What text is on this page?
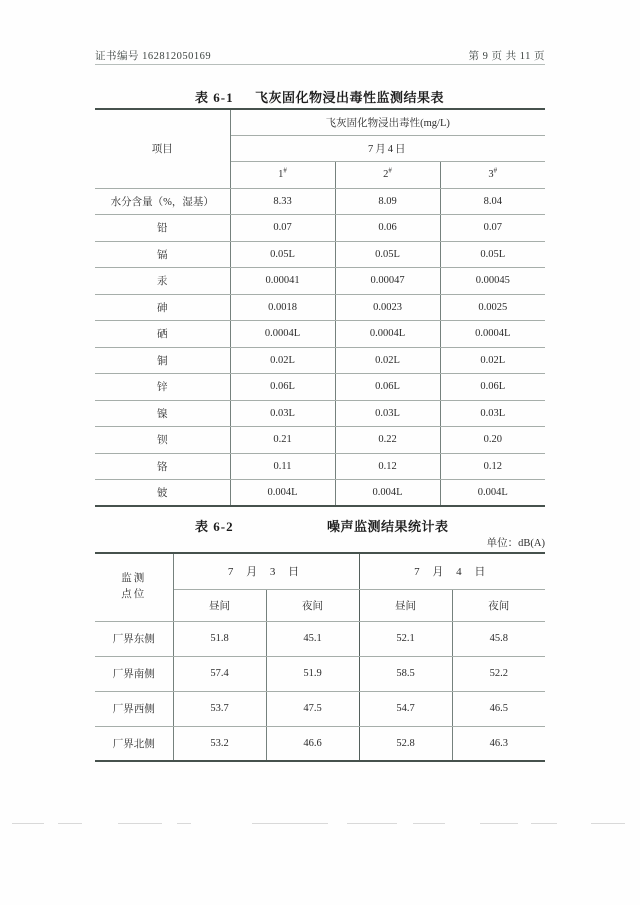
证书编号 162812050169	第 9 页 共 11 页
表 6-1 飞灰固化物浸出毒性监测结果表
项目	飞灰固化物浸出毒性(mg/L)		
	7月4日		
	1#	2#	3#
水分含量（%，湿基）	8.33	8.09	8.04
铅	0.07	0.06	0.07
镉	0.05L	0.05L	0.05L
汞	0.00041	0.00047	0.00045
砷	0.0018	0.0023	0.0025
硒	0.0004L	0.0004L	0.0004L
铜	0.02L	0.02L	0.02L
锌	0.06L	0.06L	0.06L
镍	0.03L	0.03L	0.03L
钡	0.21	0.22	0.20
铬	0.11	0.12	0.12
铍	0.004L	0.004L	0.004L
表 6-2	噪声监测结果统计表
单位：dB(A)
监测
点位	7 月 3 日		7 月 4 日	
	昼间	夜间	昼间	夜间
厂界东侧	51.8	45.1	52.1	45.8
厂界南侧	57.4	51.9	58.5	52.2
厂界西侧	53.7	47.5	54.7	46.5
厂界北侧	53.2	46.6	52.8	46.3
